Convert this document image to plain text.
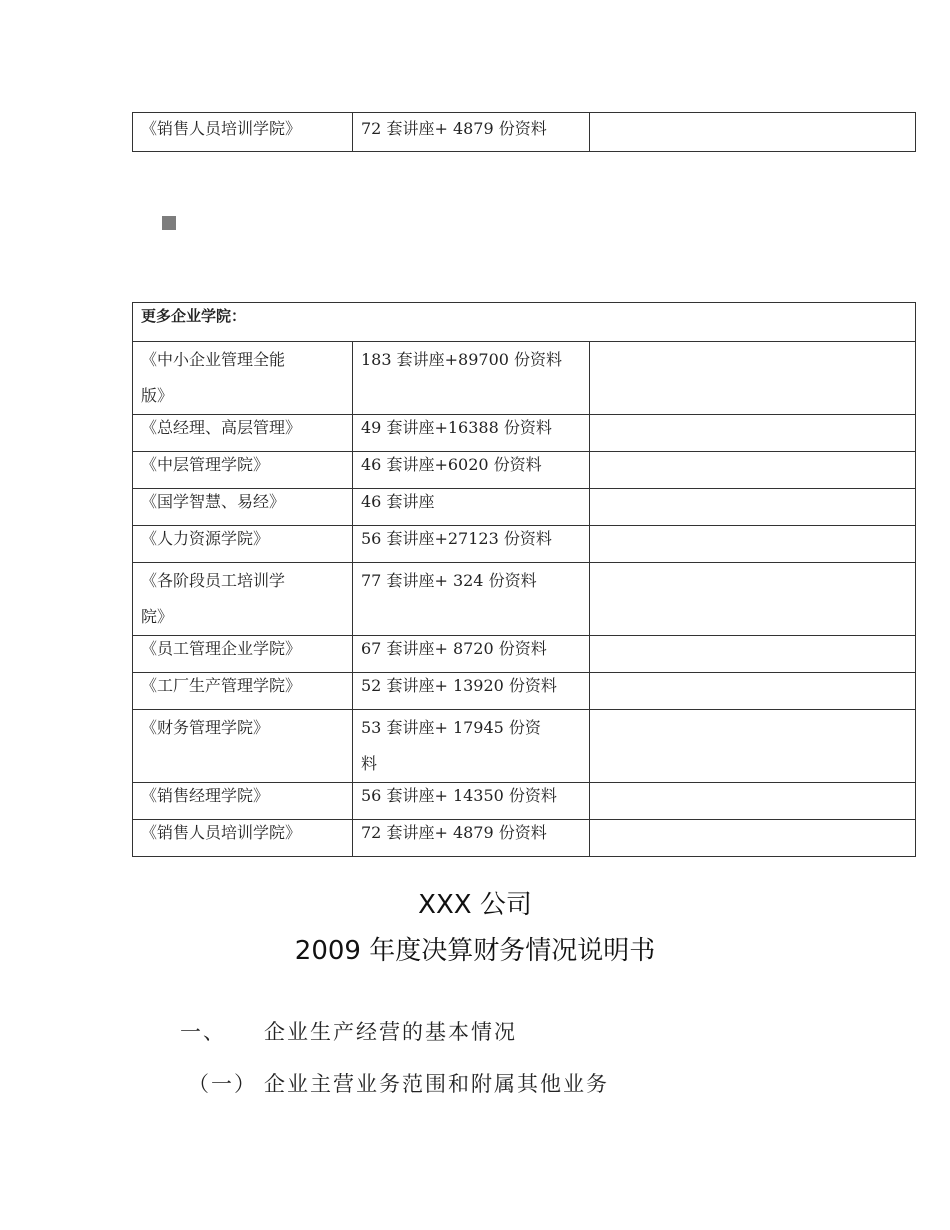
《销售人员培训学院》	72 套讲座+ 4879 份资料	
更多企业学院：		
《中小企业管理全能
版》	183 套讲座+89700 份资料	
《总经理、高层管理》	49 套讲座+16388 份资料	
《中层管理学院》	46 套讲座+6020 份资料	
《国学智慧、易经》	46 套讲座	
《人力资源学院》	56 套讲座+27123 份资料	
《各阶段员工培训学
院》	77 套讲座+ 324 份资料	
《员工管理企业学院》	67 套讲座+ 8720 份资料	
《工厂生产管理学院》	52 套讲座+ 13920 份资料	
《财务管理学院》	53 套讲座+ 17945 份资
料	
《销售经理学院》	56 套讲座+ 14350 份资料	
《销售人员培训学院》	72 套讲座+ 4879 份资料	
XXX 公司
2009 年度决算财务情况说明书
一、 企业生产经营的基本情况
（一） 企业主营业务范围和附属其他业务
